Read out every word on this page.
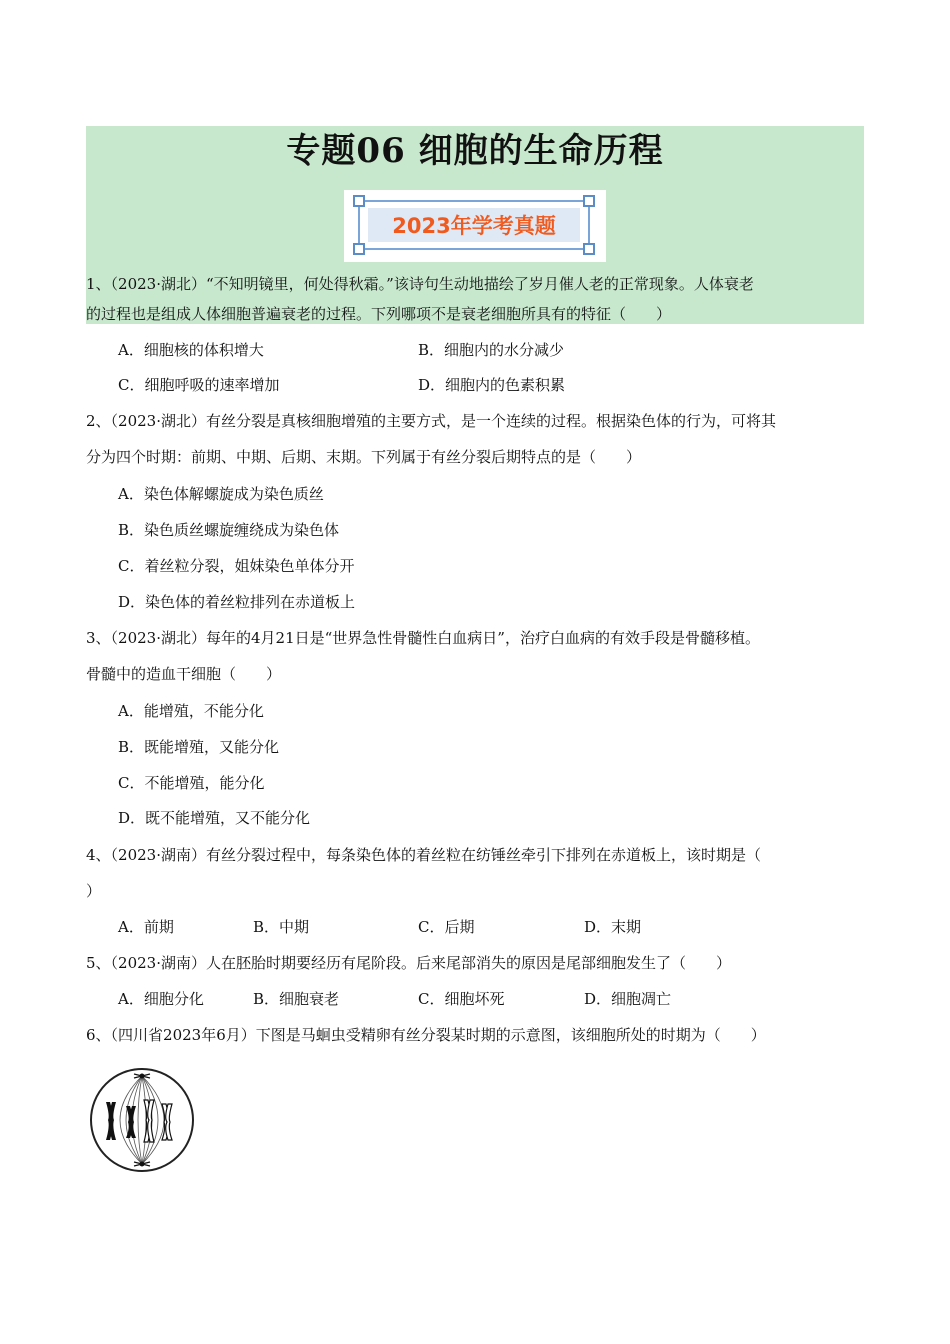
专题06 细胞的生命历程
2023年学考真题
1、（2023·湖北）“不知明镜里，何处得秋霜。”该诗句生动地描绘了岁月催人老的正常现象。人体衰老
的过程也是组成人体细胞普遍衰老的过程。下列哪项不是衰老细胞所具有的特征（　　）
A．细胞核的体积增大	B．细胞内的水分减少
C．细胞呼吸的速率增加	D．细胞内的色素积累
2、（2023·湖北）有丝分裂是真核细胞增殖的主要方式，是一个连续的过程。根据染色体的行为，可将其
分为四个时期：前期、中期、后期、末期。下列属于有丝分裂后期特点的是（　　）
A．染色体解螺旋成为染色质丝
B．染色质丝螺旋缠绕成为染色体
C．着丝粒分裂，姐妹染色单体分开
D．染色体的着丝粒排列在赤道板上
3、（2023·湖北）每年的4月21日是“世界急性骨髓性白血病日”，治疗白血病的有效手段是骨髓移植。
骨髓中的造血干细胞（　　）
A．能增殖，不能分化
B．既能增殖，又能分化
C．不能增殖，能分化
D．既不能增殖，又不能分化
4、（2023·湖南）有丝分裂过程中，每条染色体的着丝粒在纺锤丝牵引下排列在赤道板上，该时期是（
）
A．前期	B．中期	C．后期	D．末期
5、（2023·湖南）人在胚胎时期要经历有尾阶段。后来尾部消失的原因是尾部细胞发生了（　　）
A．细胞分化	B．细胞衰老	C．细胞坏死	D．细胞凋亡
6、（四川省2023年6月）下图是马蛔虫受精卵有丝分裂某时期的示意图，该细胞所处的时期为（　　）
